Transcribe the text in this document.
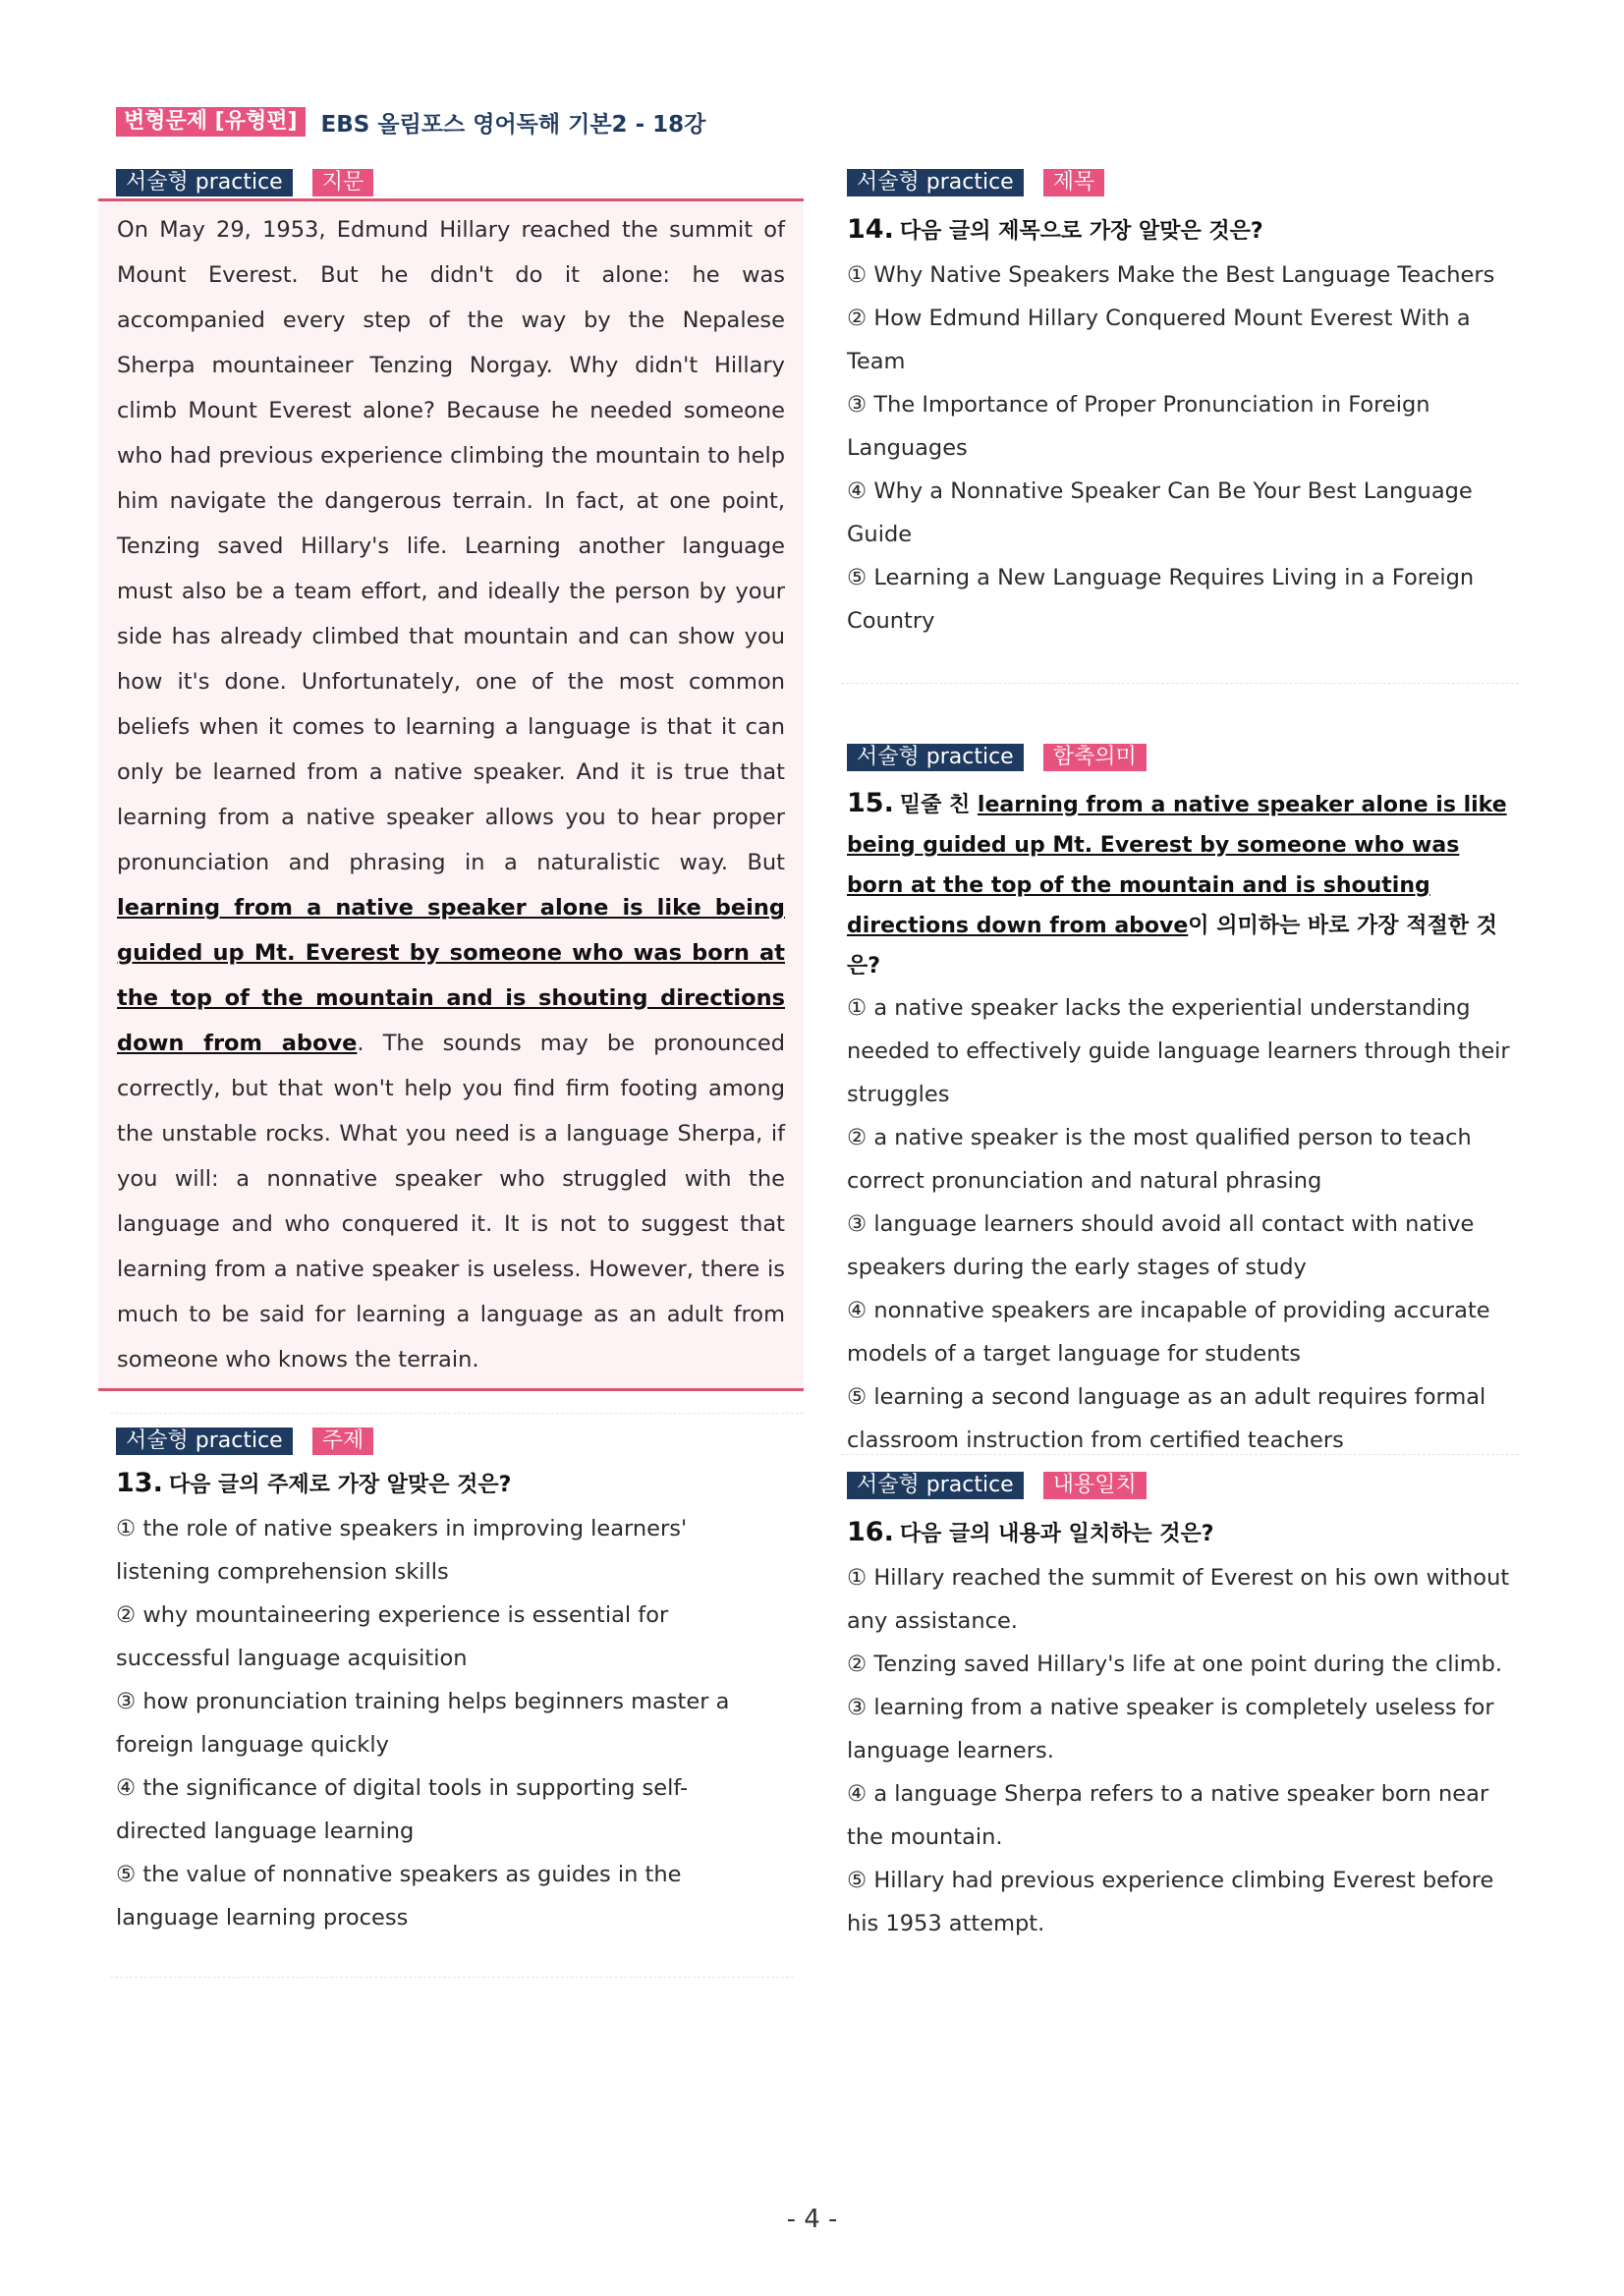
변형문제 [유형편]	EBS 올림포스 영어독해 기본2 - 18강
서술형 practice	지문

On May 29, 1953, Edmund Hillary reached the summit of Mount Everest. But he didn't do it alone: he was accompanied every step of the way by the Nepalese Sherpa mountaineer Tenzing Norgay. Why didn't Hillary climb Mount Everest alone? Because he needed someone who had previous experience climbing the mountain to help him navigate the dangerous terrain. In fact, at one point, Tenzing saved Hillary's life. Learning another language must also be a team effort, and ideally the person by your side has already climbed that mountain and can show you how it's done. Unfortunately, one of the most common beliefs when it comes to learning a language is that it can only be learned from a native speaker. And it is true that learning from a native speaker allows you to hear proper pronunciation and phrasing in a naturalistic way. But learning from a native speaker alone is like being guided up Mt. Everest by someone who was born at the top of the mountain and is shouting directions down from above. The sounds may be pronounced correctly, but that won't help you find firm footing among the unstable rocks. What you need is a language Sherpa, if you will: a nonnative speaker who struggled with the language and who conquered it. It is not to suggest that learning from a native speaker is useless. However, there is much to be said for learning a language as an adult from someone who knows the terrain.

서술형 practice	주제
13. 다음 글의 주제로 가장 알맞은 것은?

① the role of native speakers in improving learners' listening comprehension skills

② why mountaineering experience is essential for successful language acquisition

③ how pronunciation training helps beginners master a foreign language quickly

④ the significance of digital tools in supporting self-directed language learning

⑤ the value of nonnative speakers as guides in the language learning process

서술형 practice	제목
14. 다음 글의 제목으로 가장 알맞은 것은?

① Why Native Speakers Make the Best Language Teachers

② How Edmund Hillary Conquered Mount Everest With a Team

③ The Importance of Proper Pronunciation in Foreign Languages

④ Why a Nonnative Speaker Can Be Your Best Language Guide

⑤ Learning a New Language Requires Living in a Foreign Country

서술형 practice	함축의미
15. 밑줄 친 learning from a native speaker alone is like being guided up Mt. Everest by someone who was born at the top of the mountain and is shouting directions down from above이 의미하는 바로 가장 적절한 것은?

① a native speaker lacks the experiential understanding needed to effectively guide language learners through their struggles

② a native speaker is the most qualified person to teach correct pronunciation and natural phrasing

③ language learners should avoid all contact with native speakers during the early stages of study

④ nonnative speakers are incapable of providing accurate models of a target language for students

⑤ learning a second language as an adult requires formal classroom instruction from certified teachers

서술형 practice	내용일치
16. 다음 글의 내용과 일치하는 것은?

① Hillary reached the summit of Everest on his own without any assistance.

② Tenzing saved Hillary's life at one point during the climb.

③ learning from a native speaker is completely useless for language learners.

④ a language Sherpa refers to a native speaker born near the mountain.

⑤ Hillary had previous experience climbing Everest before his 1953 attempt.

- 4 -
